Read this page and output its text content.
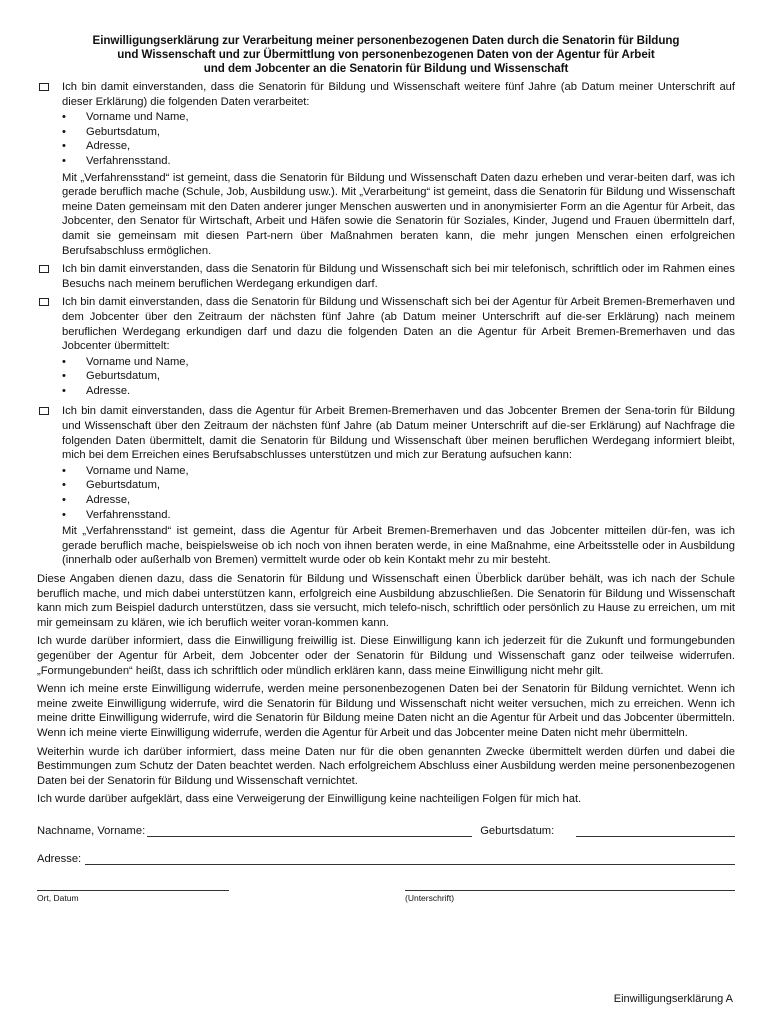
Einwilligungserklärung zur Verarbeitung meiner personenbezogenen Daten durch die Senatorin für Bildung
und Wissenschaft und zur Übermittlung von personenbezogenen Daten von der Agentur für Arbeit
und dem Jobcenter an die Senatorin für Bildung und Wissenschaft

Ich bin damit einverstanden, dass die Senatorin für Bildung und Wissenschaft weitere fünf Jahre (ab Datum meiner Unterschrift auf dieser Erklärung) die folgenden Daten verarbeitet:

•	Vorname und Name,
•	Geburtsdatum,
•	Adresse,
•	Verfahrensstand.

Mit „Verfahrensstand“ ist gemeint, dass die Senatorin für Bildung und Wissenschaft Daten dazu erheben und verar-beiten darf, was ich gerade beruflich mache (Schule, Job, Ausbildung usw.). Mit „Verarbeitung“ ist gemeint, dass die Senatorin für Bildung und Wissenschaft meine Daten gemeinsam mit den Daten anderer junger Menschen auswerten und in anonymisierter Form an die Agentur für Arbeit, das Jobcenter, den Senator für Wirtschaft, Arbeit und Häfen sowie die Senatorin für Soziales, Kinder, Jugend und Frauen übermitteln darf, damit sie gemeinsam mit diesen Part-nern über Maßnahmen beraten kann, die mehr jungen Menschen einen erfolgreichen Berufsabschluss ermöglichen.

Ich bin damit einverstanden, dass die Senatorin für Bildung und Wissenschaft sich bei mir telefonisch, schriftlich oder im Rahmen eines Besuchs nach meinem beruflichen Werdegang erkundigen darf.

Ich bin damit einverstanden, dass die Senatorin für Bildung und Wissenschaft sich bei der Agentur für Arbeit Bremen-Bremerhaven und dem Jobcenter über den Zeitraum der nächsten fünf Jahre (ab Datum meiner Unterschrift auf die-ser Erklärung) nach meinem beruflichen Werdegang erkundigen darf und dazu die folgenden Daten an die Agentur für Arbeit Bremen-Bremerhaven und das Jobcenter übermittelt:

•	Vorname und Name,
•	Geburtsdatum,
•	Adresse.

Ich bin damit einverstanden, dass die Agentur für Arbeit Bremen-Bremerhaven und das Jobcenter Bremen der Sena-torin für Bildung und Wissenschaft über den Zeitraum der nächsten fünf Jahre (ab Datum meiner Unterschrift auf die-ser Erklärung) auf Nachfrage die folgenden Daten übermittelt, damit die Senatorin für Bildung und Wissenschaft über meinen beruflichen Werdegang informiert bleibt, mich bei dem Erreichen eines Berufsabschlusses unterstützen und mich zur Beratung aufsuchen kann:

•	Vorname und Name,
•	Geburtsdatum,
•	Adresse,
•	Verfahrensstand.

Mit „Verfahrensstand“ ist gemeint, dass die Agentur für Arbeit Bremen-Bremerhaven und das Jobcenter mitteilen dür-fen, was ich gerade beruflich mache, beispielsweise ob ich noch von ihnen beraten werde, in eine Maßnahme, eine Arbeitsstelle oder in Ausbildung (innerhalb oder außerhalb von Bremen) vermittelt wurde oder ob kein Kontakt mehr zu mir besteht.

Diese Angaben dienen dazu, dass die Senatorin für Bildung und Wissenschaft einen Überblick darüber behält, was ich nach der Schule beruflich mache, und mich dabei unterstützen kann, erfolgreich eine Ausbildung abzuschließen. Die Senatorin für Bildung und Wissenschaft kann mich zum Beispiel dadurch unterstützen, dass sie versucht, mich telefo-nisch, schriftlich oder persönlich zu Hause zu erreichen, um mit mir gemeinsam zu klären, wie ich beruflich weiter voran-kommen kann.

Ich wurde darüber informiert, dass die Einwilligung freiwillig ist. Diese Einwilligung kann ich jederzeit für die Zukunft und formungebunden gegenüber der Agentur für Arbeit, dem Jobcenter oder der Senatorin für Bildung und Wissenschaft ganz oder teilweise widerrufen. „Formungebunden“ heißt, dass ich schriftlich oder mündlich erklären kann, dass meine Einwilligung nicht mehr gilt.

Wenn ich meine erste Einwilligung widerrufe, werden meine personenbezogenen Daten bei der Senatorin für Bildung vernichtet. Wenn ich meine zweite Einwilligung widerrufe, wird die Senatorin für Bildung und Wissenschaft nicht weiter versuchen, mich zu erreichen. Wenn ich meine dritte Einwilligung widerrufe, wird die Senatorin für Bildung meine Daten nicht an die Agentur für Arbeit und das Jobcenter übermitteln. Wenn ich meine vierte Einwilligung widerrufe, werden die Agentur für Arbeit und das Jobcenter meine Daten nicht mehr übermitteln.

Weiterhin wurde ich darüber informiert, dass meine Daten nur für die oben genannten Zwecke übermittelt werden dürfen und dabei die Bestimmungen zum Schutz der Daten beachtet werden. Nach erfolgreichem Abschluss einer Ausbildung werden meine personenbezogenen Daten bei der Senatorin für Bildung und Wissenschaft vernichtet.

Ich wurde darüber aufgeklärt, dass eine Verweigerung der Einwilligung keine nachteiligen Folgen für mich hat.

Nachname, Vorname:	Geburtsdatum:
Adresse:
Ort, Datum	(Unterschrift)
Einwilligungserklärung A
